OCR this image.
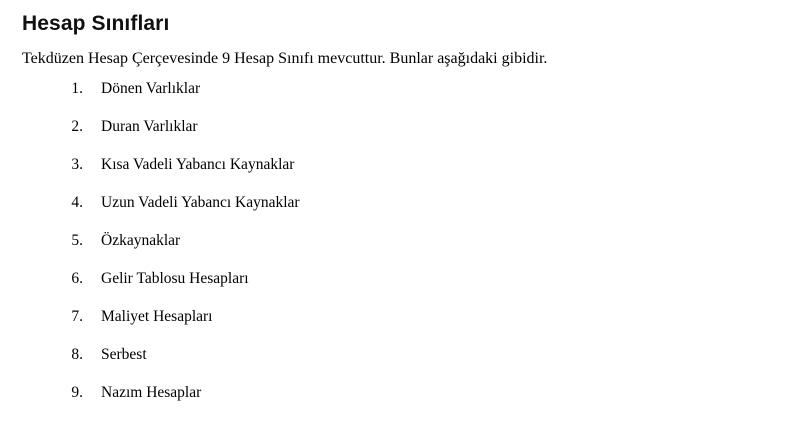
Hesap Sınıfları

Tekdüzen Hesap Çerçevesinde 9 Hesap Sınıfı mevcuttur. Bunlar aşağıdaki gibidir.

1. Dönen Varlıklar
2. Duran Varlıklar
3. Kısa Vadeli Yabancı Kaynaklar
4. Uzun Vadeli Yabancı Kaynaklar
5. Özkaynaklar
6. Gelir Tablosu Hesapları
7. Maliyet Hesapları
8. Serbest
9. Nazım Hesaplar
